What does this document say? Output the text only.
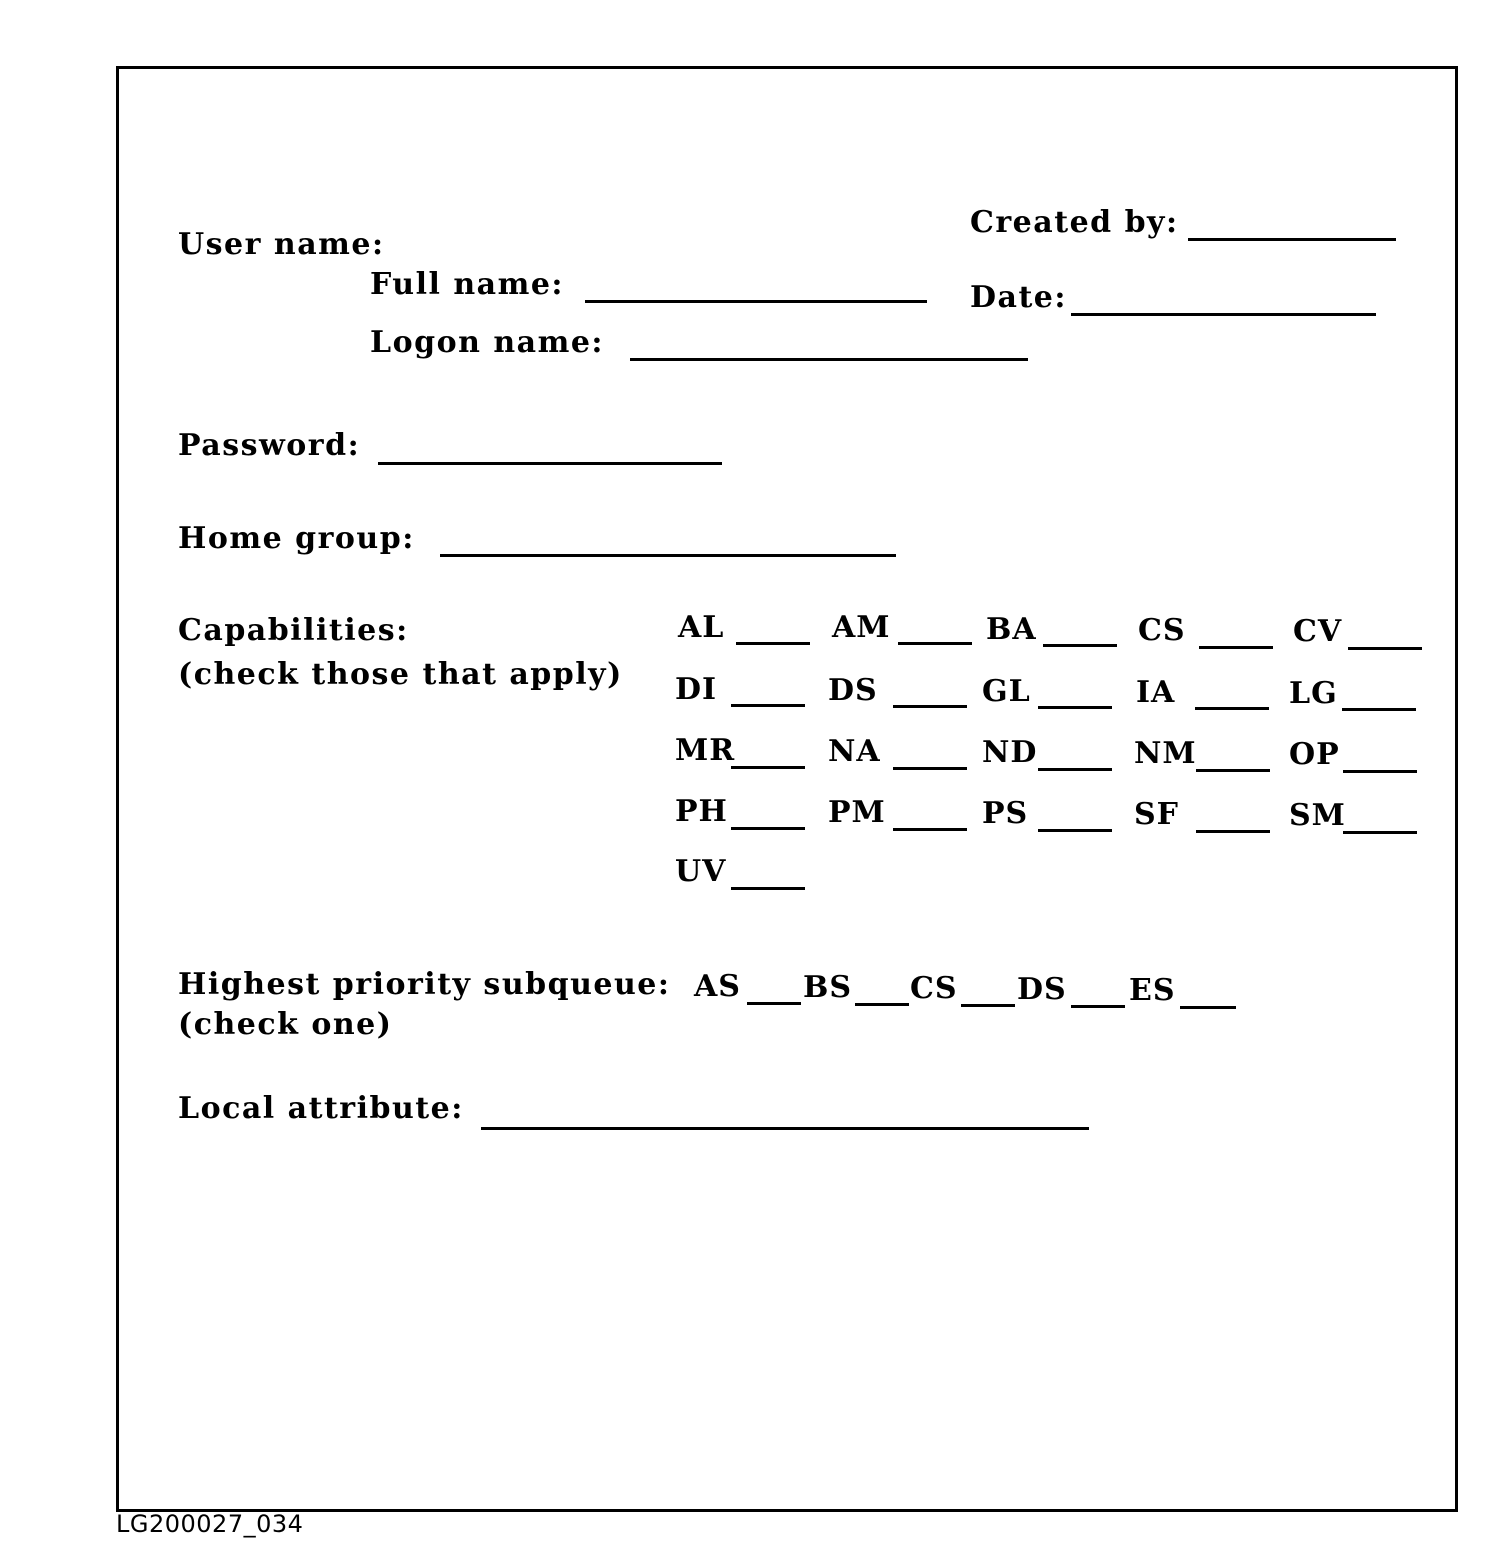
User name:
Full name:
Logon name:
Created by:
Date:
Password:
Home group:
Capabilities:
(check those that apply)
AL	AM	BA	CS	CV
DI	DS	GL	IA	LG
MR	NA	ND	NM	OP
PH	PM	PS	SF	SM
UV
Highest priority subqueue:
(check one)
AS BS CS DS ES
Local attribute:
LG200027_034
